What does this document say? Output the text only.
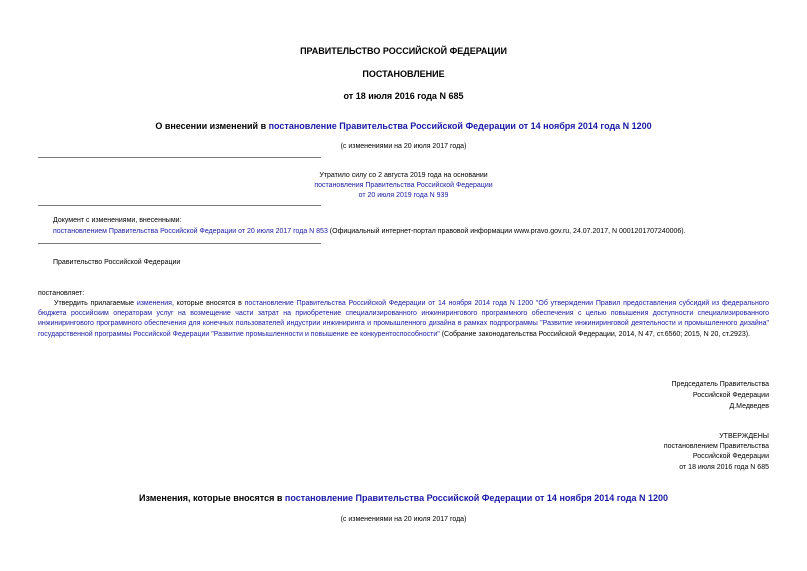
ПРАВИТЕЛЬСТВО РОССИЙСКОЙ ФЕДЕРАЦИИ
ПОСТАНОВЛЕНИЕ
от 18 июля 2016 года N 685
О внесении изменений в постановление Правительства Российской Федерации от 14 ноября 2014 года N 1200
(с изменениями на 20 июля 2017 года)
Утратило силу со 2 августа 2019 года на основании
постановления Правительства Российской Федерации
от 20 июля 2019 года N 939
Документ с изменениями, внесенными:
постановлением Правительства Российской Федерации от 20 июля 2017 года N 853 (Официальный интернет-портал правовой информации www.pravo.gov.ru, 24.07.2017, N 0001201707240006).
Правительство Российской Федерации
постановляет:
Утвердить прилагаемые изменения, которые вносятся в постановление Правительства Российской Федерации от 14 ноября 2014 года N 1200 "Об утверждении Правил предоставления субсидий из федерального бюджета российским операторам услуг на возмещение части затрат на приобретение специализированного инжинирингового программного обеспечения с целью повышения доступности специализированного инжинирингового программного обеспечения для конечных пользователей индустрии инжиниринга и промышленного дизайна в рамках подпрограммы "Развитие инжиниринговой деятельности и промышленного дизайна" государственной программы Российской Федерации "Развитие промышленности и повышение ее конкурентоспособности" (Собрание законодательства Российской Федерации, 2014, N 47, ст.6560; 2015, N 20, ст.2923).
Председатель Правительства
Российской Федерации
Д.Медведев
УТВЕРЖДЕНЫ
постановлением Правительства
Российской Федерации
от 18 июля 2016 года N 685
Изменения, которые вносятся в постановление Правительства Российской Федерации от 14 ноября 2014 года N 1200
(с изменениями на 20 июля 2017 года)
